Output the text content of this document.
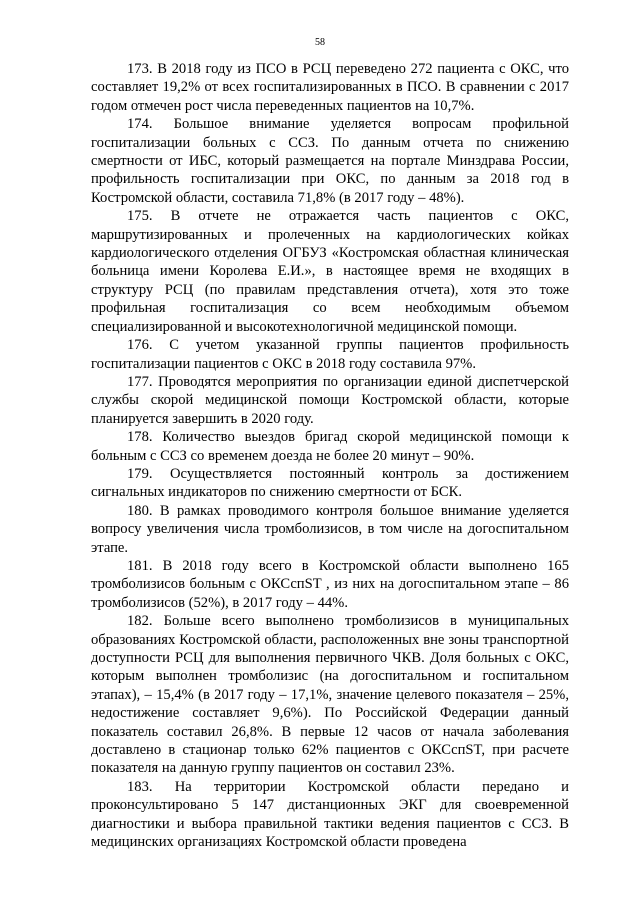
58

173. В 2018 году из ПСО в РСЦ переведено 272 пациента с ОКС, что составляет 19,2% от всех госпитализированных в ПСО. В сравнении с 2017 годом отмечен рост числа переведенных пациентов на 10,7%.

174. Большое внимание уделяется вопросам профильной госпитализации больных с ССЗ. По данным отчета по снижению смертности от ИБС, который размещается на портале Минздрава России, профильность госпитализации при ОКС, по данным за 2018 год в Костромской области, составила 71,8% (в 2017 году – 48%).

175. В отчете не отражается часть пациентов с ОКС, маршрутизированных и пролеченных на кардиологических койках кардиологического отделения ОГБУЗ «Костромская областная клиническая больница имени Королева Е.И.», в настоящее время не входящих в структуру РСЦ (по правилам представления отчета), хотя это тоже профильная госпитализация со всем необходимым объемом специализированной и высокотехнологичной медицинской помощи.

176. С учетом указанной группы пациентов профильность госпитализации пациентов с ОКС в 2018 году составила 97%.

177. Проводятся мероприятия по организации единой диспетчерской службы скорой медицинской помощи Костромской области, которые планируется завершить в 2020 году.

178. Количество выездов бригад скорой медицинской помощи к больным с ССЗ со временем доезда не более 20 минут – 90%.

179. Осуществляется постоянный контроль за достижением сигнальных индикаторов по снижению смертности от БСК.

180. В рамках проводимого контроля большое внимание уделяется вопросу увеличения числа тромболизисов, в том числе на догоспитальном этапе.

181. В 2018 году всего в Костромской области выполнено 165 тромболизисов больным с ОКСспST , из них на догоспитальном этапе – 86 тромболизисов (52%), в 2017 году – 44%.

182. Больше всего выполнено тромболизисов в муниципальных образованиях Костромской области, расположенных вне зоны транспортной доступности РСЦ для выполнения первичного ЧКВ. Доля больных с ОКС, которым выполнен тромболизис (на догоспитальном и госпитальном этапах), – 15,4% (в 2017 году – 17,1%, значение целевого показателя – 25%, недостижение составляет 9,6%). По Российской Федерации данный показатель составил 26,8%. В первые 12 часов от начала заболевания доставлено в стационар только 62% пациентов с ОКСспST, при расчете показателя на данную группу пациентов он составил 23%.

183. На территории Костромской области передано и проконсультировано 5 147 дистанционных ЭКГ для своевременной диагностики и выбора правильной тактики ведения пациентов с ССЗ. В медицинских организациях Костромской области проведена
